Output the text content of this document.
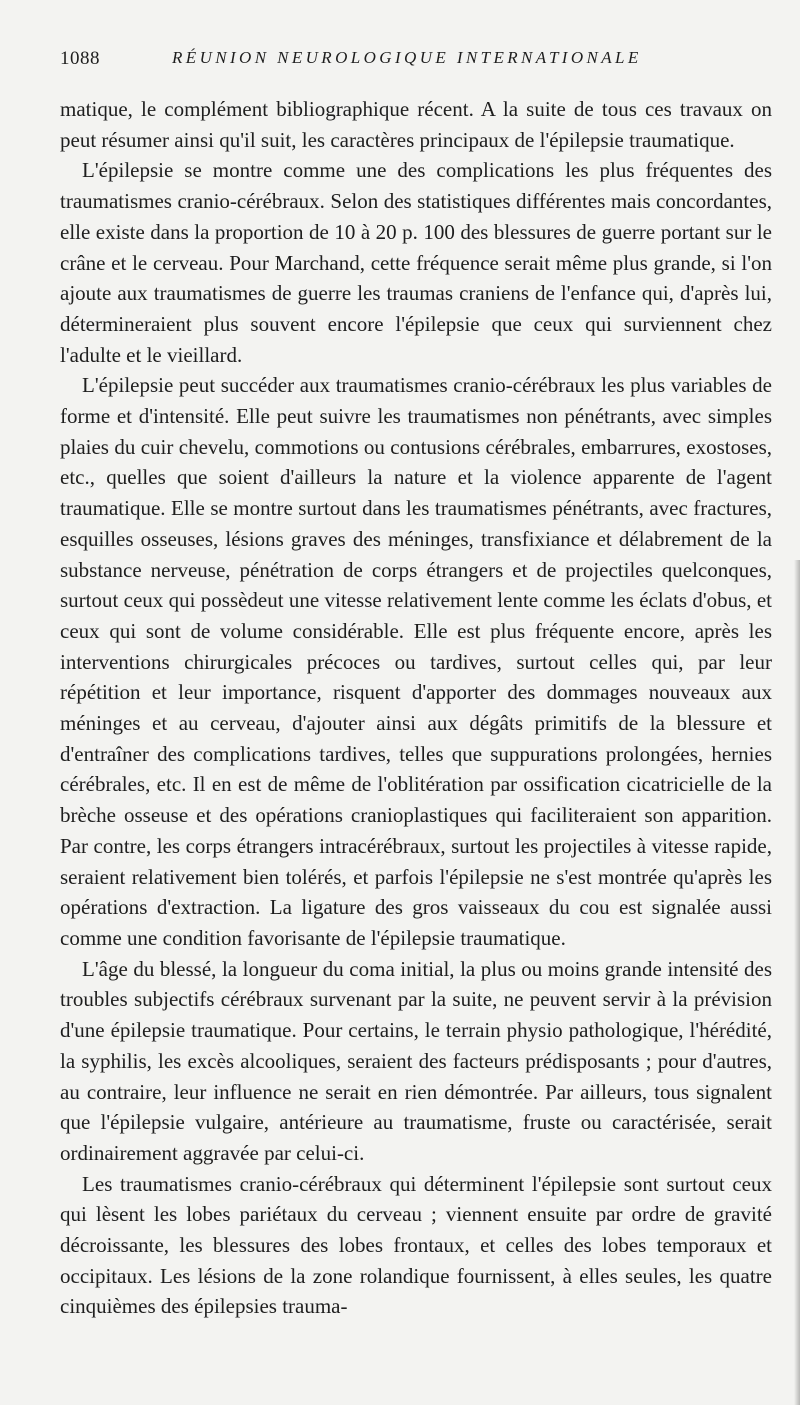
1088	RÉUNION NEUROLOGIQUE INTERNATIONALE

matique, le complément bibliographique récent. A la suite de tous ces travaux on peut résumer ainsi qu'il suit, les caractères principaux de l'épilepsie traumatique.

L'épilepsie se montre comme une des complications les plus fréquentes des traumatismes cranio-cérébraux. Selon des statistiques différentes mais concordantes, elle existe dans la proportion de 10 à 20 p. 100 des blessures de guerre portant sur le crâne et le cerveau. Pour Marchand, cette fréquence serait même plus grande, si l'on ajoute aux traumatismes de guerre les traumas craniens de l'enfance qui, d'après lui, détermineraient plus souvent encore l'épilepsie que ceux qui surviennent chez l'adulte et le vieillard.

L'épilepsie peut succéder aux traumatismes cranio-cérébraux les plus variables de forme et d'intensité. Elle peut suivre les traumatismes non pénétrants, avec simples plaies du cuir chevelu, commotions ou contusions cérébrales, embarrures, exostoses, etc., quelles que soient d'ailleurs la nature et la violence apparente de l'agent traumatique. Elle se montre surtout dans les traumatismes pénétrants, avec fractures, esquilles osseuses, lésions graves des méninges, transfixiance et délabrement de la substance nerveuse, pénétration de corps étrangers et de projectiles quelconques, surtout ceux qui possèdeut une vitesse relativement lente comme les éclats d'obus, et ceux qui sont de volume considérable. Elle est plus fréquente encore, après les interventions chirurgicales précoces ou tardives, surtout celles qui, par leur répétition et leur importance, risquent d'apporter des dommages nouveaux aux méninges et au cerveau, d'ajouter ainsi aux dégâts primitifs de la blessure et d'entraîner des complications tardives, telles que suppurations prolongées, hernies cérébrales, etc. Il en est de même de l'oblitération par ossification cicatricielle de la brèche osseuse et des opérations cranioplastiques qui faciliteraient son apparition. Par contre, les corps étrangers intracérébraux, surtout les projectiles à vitesse rapide, seraient relativement bien tolérés, et parfois l'épilepsie ne s'est montrée qu'après les opérations d'extraction. La ligature des gros vaisseaux du cou est signalée aussi comme une condition favorisante de l'épilepsie traumatique.

L'âge du blessé, la longueur du coma initial, la plus ou moins grande intensité des troubles subjectifs cérébraux survenant par la suite, ne peuvent servir à la prévision d'une épilepsie traumatique. Pour certains, le terrain physio pathologique, l'hérédité, la syphilis, les excès alcooliques, seraient des facteurs prédisposants ; pour d'autres, au contraire, leur influence ne serait en rien démontrée. Par ailleurs, tous signalent que l'épilepsie vulgaire, antérieure au traumatisme, fruste ou caractérisée, serait ordinairement aggravée par celui-ci.

Les traumatismes cranio-cérébraux qui déterminent l'épilepsie sont surtout ceux qui lèsent les lobes pariétaux du cerveau ; viennent ensuite par ordre de gravité décroissante, les blessures des lobes frontaux, et celles des lobes temporaux et occipitaux. Les lésions de la zone rolandique fournissent, à elles seules, les quatre cinquièmes des épilepsies trauma-
